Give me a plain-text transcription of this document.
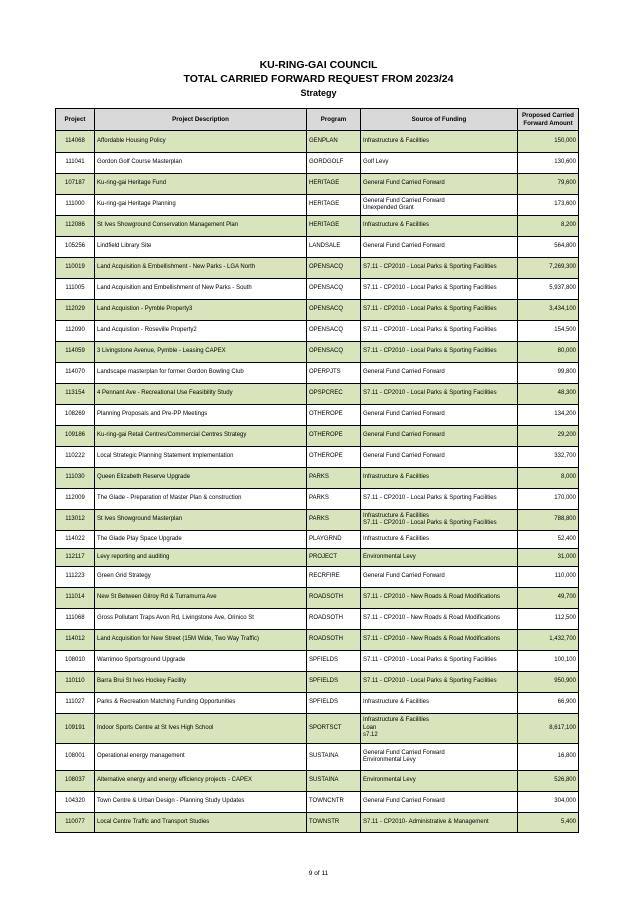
KU-RING-GAI COUNCIL
TOTAL CARRIED FORWARD REQUEST FROM 2023/24
Strategy
Project	Project Description	Program	Source of Funding	Proposed Carried Forward Amount
114068	Affordable Housing Policy	GENPLAN	Infrastructure & Facilities	150,000
111041	Gordon Golf Course Masterplan	GORDGOLF	Golf Levy	130,600
107187	Ku-ring-gai Heritage Fund	HERITAGE	General Fund Carried Forward	79,600
111000	Ku-ring-gai Heritage Planning	HERITAGE	General Fund Carried Forward
Unexpended Grant	173,600
112086	St Ives Showground Conservation Management Plan	HERITAGE	Infrastructure & Facilities	8,200
105256	Lindfield Library Site	LANDSALE	General Fund Carried Forward	564,800
110019	Land Acquisition & Embellishment - New Parks - LGA North	OPENSACQ	S7.11 - CP2010 - Local Parks & Sporting Facilities	7,269,300
111005	Land Acquisition and Embellishment of New Parks - South	OPENSACQ	S7.11 - CP2010 - Local Parks & Sporting Facilities	5,937,800
112029	Land Acquistion - Pymble Property3	OPENSACQ	S7.11 - CP2010 - Local Parks & Sporting Facilities	3,434,100
112090	Land Acquistion - Roseville Property2	OPENSACQ	S7.11 - CP2010 - Local Parks & Sporting Facilities	154,500
114059	3 Livingstone Avenue, Pymble - Leasing CAPEX	OPENSACQ	S7.11 - CP2010 - Local Parks & Sporting Facilities	80,000
114070	Landscape masterplan for former Gordon Bowling Club	OPERPJTS	General Fund Carried Forward	99,800
113154	4 Pennant Ave - Recreational Use Feasibility Study	OPSPCREC	S7.11 - CP2010 - Local Parks & Sporting Facilities	48,300
108269	Planning Proposals and Pre-PP Meetings	OTHEROPE	General Fund Carried Forward	134,200
109186	Ku-ring-gai Retail Centres/Commercial Centres Strategy	OTHEROPE	General Fund Carried Forward	29,200
110222	Local Strategic Planning Statement Implementation	OTHEROPE	General Fund Carried Forward	332,700
111030	Queen Elizabeth Reserve Upgrade	PARKS	Infrastructure & Facilities	8,000
112009	The Glade - Preparation of Master Plan & construction	PARKS	S7.11 - CP2010 - Local Parks & Sporting Facilities	170,000
113012	St Ives Showground Masterplan	PARKS	Infrastructure & Facilities
S7.11 - CP2010 - Local Parks & Sporting Facilities	788,800
114022	The Glade Play Space Upgrade	PLAYGRND	Infrastructure & Facilities	52,400
112117	Levy reporting and auditing	PROJECT	Environmental Levy	31,000
111223	Green Grid Strategy	RECRFIRE	General Fund Carried Forward	110,000
111014	New St Between Gilroy Rd & Turramurra Ave	ROADSOTH	S7.11 - CP2010 - New Roads & Road Modifications	49,700
111068	Gross Pollutant Traps Avon Rd, Livingstone Ave, Orinico St	ROADSOTH	S7.11 - CP2010 - New Roads & Road Modifications	112,500
114012	Land Acquisition for New Street (15M Wide, Two Way Traffic)	ROADSOTH	S7.11 - CP2010 - New Roads & Road Modifications	1,432,700
108010	Warrimoo Sportsground Upgrade	SPFIELDS	S7.11 - CP2010 - Local Parks & Sporting Facilities	100,100
110110	Barra Brui St Ives Hockey Facility	SPFIELDS	S7.11 - CP2010 - Local Parks & Sporting Facilities	950,900
111027	Parks & Recreation Matching Funding Opportunities	SPFIELDS	Infrastructure & Facilities	66,900
109191	Indoor Sports Centre at St Ives High School	SPORTSCT	Infrastructure & Facilities
Loan
s7.12	8,617,100
108001	Operational energy management	SUSTAINA	General Fund Carried Forward
Environmental Levy	16,800
108037	Alternative energy and energy efficiency projects - CAPEX	SUSTAINA	Environmental Levy	526,800
104320	Town Centre & Urban Design - Planning Study Updates	TOWNCNTR	General Fund Carried Forward	304,000
110077	Local Centre Traffic and Transport Studies	TOWNSTR	S7.11 - CP2010- Administrative & Management	5,400
9 of 11
